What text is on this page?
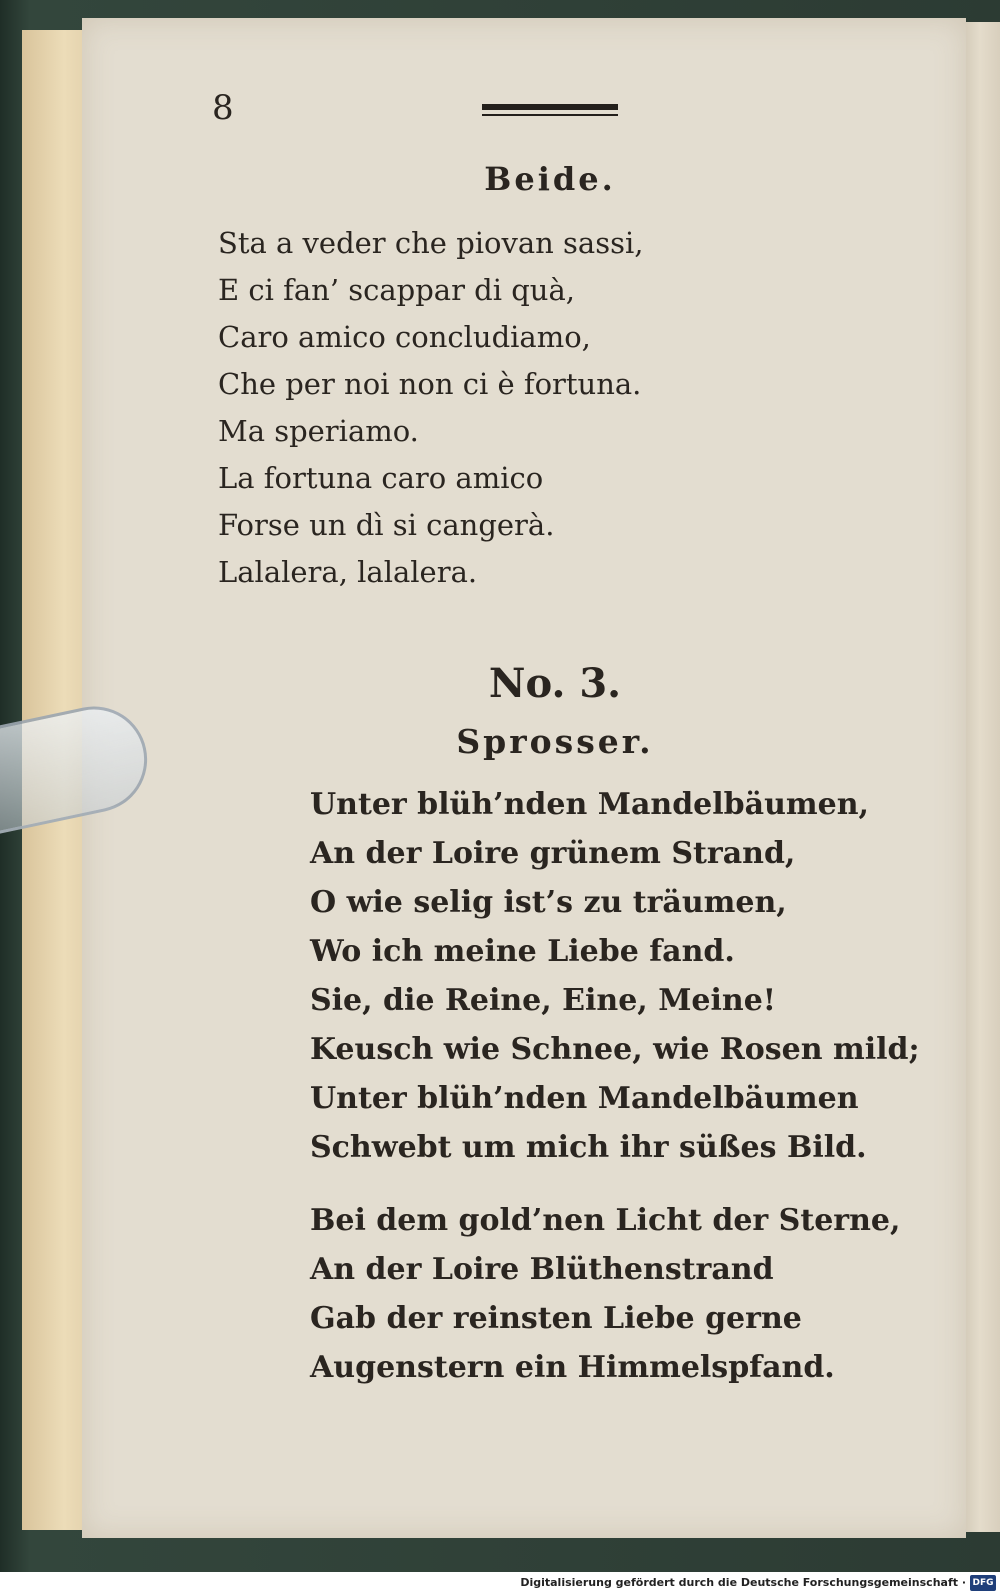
8
Beide.
Sta a veder che piovan sassi,
E ci fan’ scappar di quà,
Caro amico concludiamo,
Che per noi non ci è fortuna.
Ma speriamo.
La fortuna caro amico
Forse un dì si cangerà.
Lalalera, lalalera.
No. 3.
Sprosser.
Unter blüh’nden Mandelbäumen,
An der Loire grünem Strand,
O wie selig ist’s zu träumen,
Wo ich meine Liebe fand.
Sie, die Reine, Eine, Meine!
Keusch wie Schnee, wie Rosen mild;
Unter blüh’nden Mandelbäumen
Schwebt um mich ihr süßes Bild.
Bei dem gold’nen Licht der Sterne,
An der Loire Blüthenstrand
Gab der reinsten Liebe gerne
Augenstern ein Himmelspfand.
Digitalisierung gefördert durch die Deutsche Forschungsgemeinschaft · DFG
